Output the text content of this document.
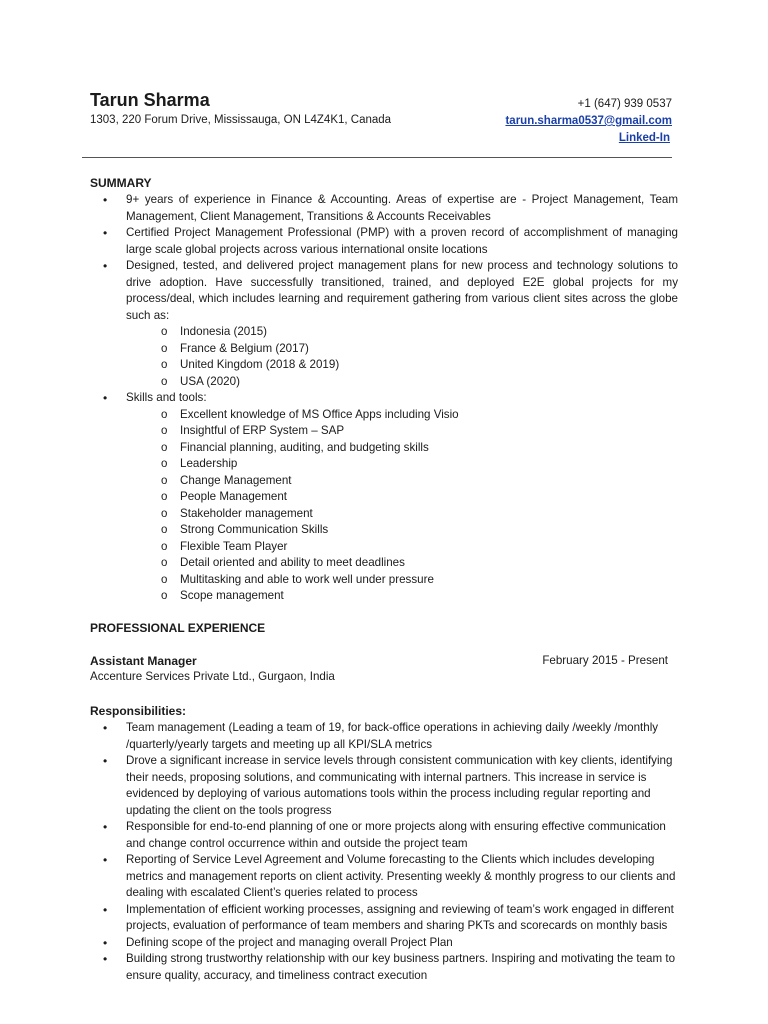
Tarun Sharma
1303, 220 Forum Drive, Mississauga, ON L4Z4K1, Canada
+1 (647) 939 0537
tarun.sharma0537@gmail.com
Linked-In
SUMMARY
• 9+ years of experience in Finance & Accounting. Areas of expertise are - Project Management, Team Management, Client Management, Transitions & Accounts Receivables
• Certified Project Management Professional (PMP) with a proven record of accomplishment of managing large scale global projects across various international onsite locations
• Designed, tested, and delivered project management plans for new process and technology solutions to drive adoption. Have successfully transitioned, trained, and deployed E2E global projects for my process/deal, which includes learning and requirement gathering from various client sites across the globe such as:
o Indonesia (2015)
o France & Belgium (2017)
o United Kingdom (2018 & 2019)
o USA (2020)
• Skills and tools:
o Excellent knowledge of MS Office Apps including Visio
o Insightful of ERP System – SAP
o Financial planning, auditing, and budgeting skills
o Leadership
o Change Management
o People Management
o Stakeholder management
o Strong Communication Skills
o Flexible Team Player
o Detail oriented and ability to meet deadlines
o Multitasking and able to work well under pressure
o Scope management
PROFESSIONAL EXPERIENCE
Assistant Manager	February 2015 - Present
Accenture Services Private Ltd., Gurgaon, India
Responsibilities:
• Team management (Leading a team of 19, for back-office operations in achieving daily /weekly /monthly /quarterly/yearly targets and meeting up all KPI/SLA metrics
• Drove a significant increase in service levels through consistent communication with key clients, identifying their needs, proposing solutions, and communicating with internal partners. This increase in service is evidenced by deploying of various automations tools within the process including regular reporting and updating the client on the tools progress
• Responsible for end-to-end planning of one or more projects along with ensuring effective communication and change control occurrence within and outside the project team
• Reporting of Service Level Agreement and Volume forecasting to the Clients which includes developing metrics and management reports on client activity. Presenting weekly & monthly progress to our clients and dealing with escalated Client’s queries related to process
• Implementation of efficient working processes, assigning and reviewing of team’s work engaged in different projects, evaluation of performance of team members and sharing PKTs and scorecards on monthly basis
• Defining scope of the project and managing overall Project Plan
• Building strong trustworthy relationship with our key business partners. Inspiring and motivating the team to ensure quality, accuracy, and timeliness contract execution
